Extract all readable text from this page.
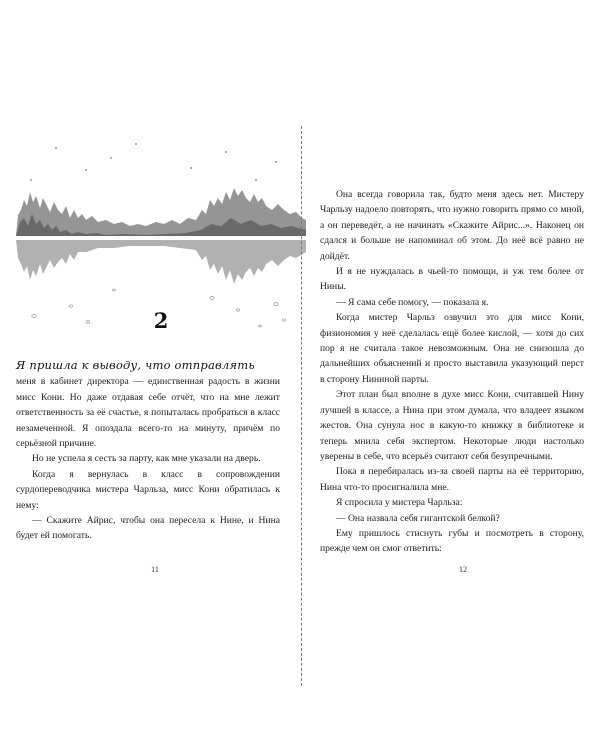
2

Я пришла к выводу, что отправлять

меня в кабинет директора — единственная радость в жизни мисс Кони. Но даже отдавая себе отчёт, что на мне лежит ответственность за её счастье, я попыталась пробраться в класс незамеченной. Я опоздала всего-то на минуту, причём по серьёзной причине.

Но не успела я сесть за парту, как мне указали на дверь.

Когда я вернулась в класс в сопровождении сурдопереводчика мистера Чарльза, мисс Кони обратилась к нему:

— Скажите Айрис, чтобы она пересела к Нине, и Нина будет ей помогать.

11

Она всегда говорила так, будто меня здесь нет. Мистеру Чарльзу надоело повторять, что нужно говорить прямо со мной, а он переведёт, а не начинать «Скажите Айрис...». Наконец он сдался и больше не напоминал об этом. До неё всё равно не дойдёт.

И я не нуждалась в чьей-то помощи, и уж тем более от Нины.

— Я сама себе помогу, — показала я.

Когда мистер Чарльз озвучил это для мисс Кони, физиономия у неё сделалась ещё более кислой, — хотя до сих пор я не считала такое невозможным. Она не снизошла до дальнейших объяснений и просто выставила указующий перст в сторону Нининой парты.

Этот план был вполне в духе мисс Кони, считавшей Нину лучшей в классе, а Нина при этом думала, что владеет языком жестов. Она сунула нос в какую-то книжку в библиотеке и теперь мнила себя экспертом. Некоторые люди настолько уверены в себе, что всерьёз считают себя безупречными.

Пока я перебиралась из-за своей парты на её территорию, Нина что-то просигналила мне.

Я спросила у мистера Чарльза:

— Она назвала себя гигантской белкой?

Ему пришлось стиснуть губы и посмотреть в сторону, прежде чем он смог ответить:

12
